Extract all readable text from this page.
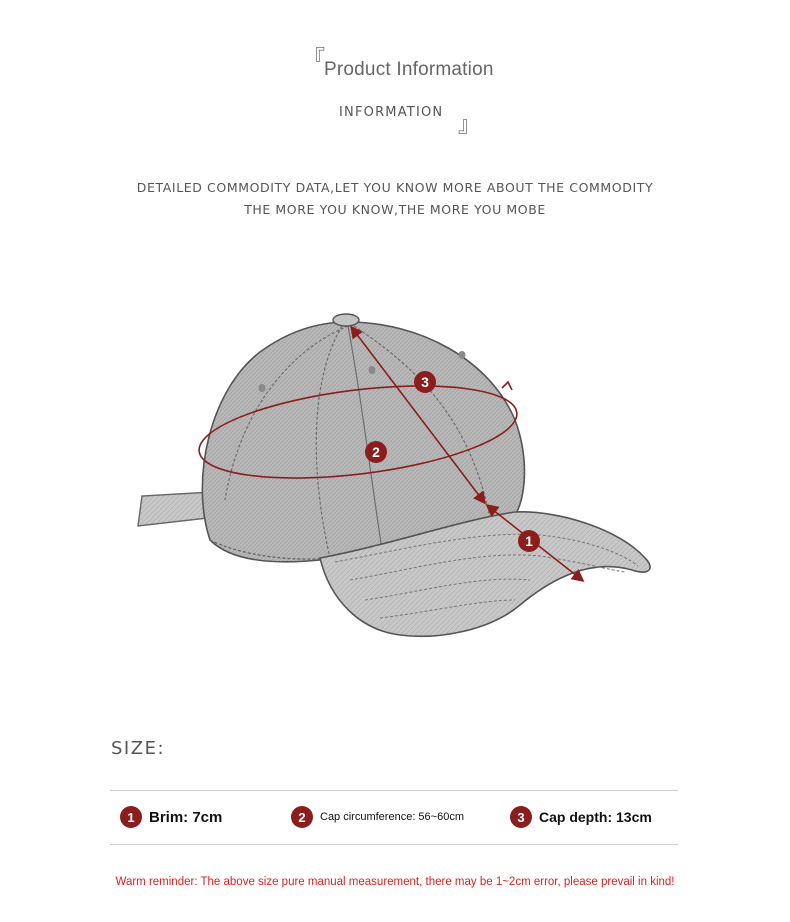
『
Product Information
INFORMATION
』
DETAILED COMMODITY DATA,LET YOU KNOW MORE ABOUT THE COMMODITY
THE MORE YOU KNOW,THE MORE YOU MOBE
3
2
1
SIZE:
1 Brim: 7cm	2	Cap circumference: 56~60cm	3	Cap depth: 13cm
Warm reminder: The above size pure manual measurement, there may be 1~2cm error, please prevail in kind!
